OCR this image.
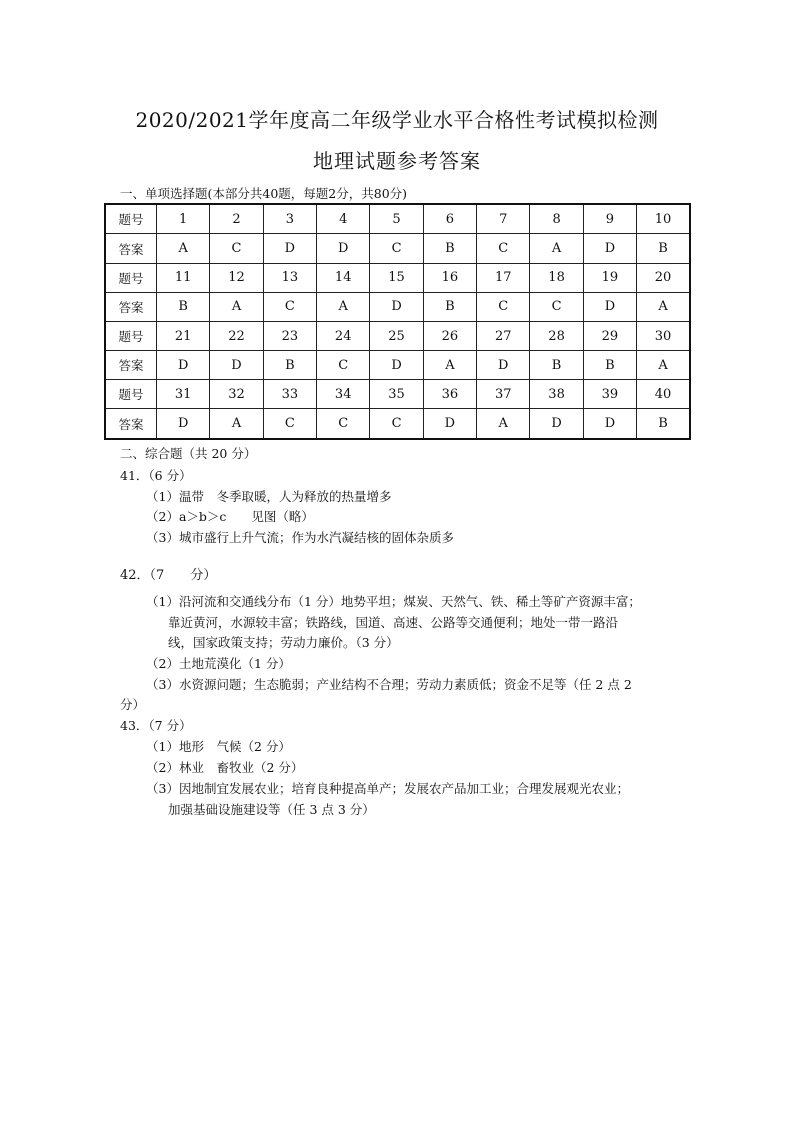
2020/2021学年度高二年级学业水平合格性考试模拟检测
地理试题参考答案
一、单项选择题(本部分共40题，每题2分，共80分)
题号	1	2	3	4	5	6	7	8	9	10
答案	A	C	D	D	C	B	C	A	D	B
题号	11	12	13	14	15	16	17	18	19	20
答案	B	A	C	A	D	B	C	C	D	A
题号	21	22	23	24	25	26	27	28	29	30
答案	D	D	B	C	D	A	D	B	B	A
题号	31	32	33	34	35	36	37	38	39	40
答案	D	A	C	C	C	D	A	D	D	B
二、综合题（共 20 分）
41．（6 分）
（1）温带　冬季取暖，人为释放的热量增多
（2）a＞b＞c　　见图（略）
（3）城市盛行上升气流；作为水汽凝结核的固体杂质多
42．（7　　分）
（1）沿河流和交通线分布（1 分）地势平坦；煤炭、天然气、铁、稀土等矿产资源丰富；
靠近黄河，水源较丰富；铁路线，国道、高速、公路等交通便利；地处一带一路沿
线，国家政策支持；劳动力廉价。（3 分）
（2）土地荒漠化（1 分）
（3）水资源问题；生态脆弱；产业结构不合理；劳动力素质低；资金不足等（任 2 点 2
分）
43．（7 分）
（1）地形　气候（2 分）
（2）林业　畜牧业（2 分）
（3）因地制宜发展农业；培育良种提高单产；发展农产品加工业；合理发展观光农业；
加强基础设施建设等（任 3 点 3 分）
